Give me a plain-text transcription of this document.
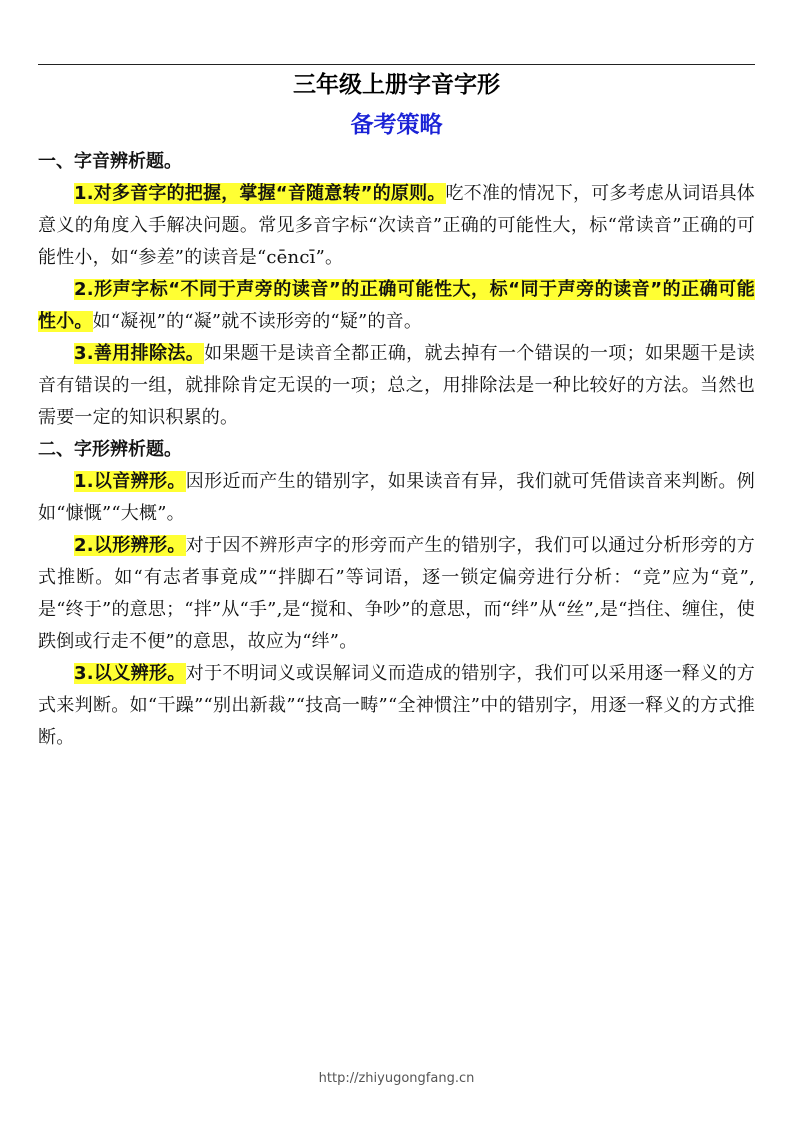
三年级上册字音字形
备考策略
一、字音辨析题。

1.对多音字的把握，掌握“音随意转”的原则。吃不准的情况下，可多考虑从词语具体意义的角度入手解决问题。常见多音字标“次读音”正确的可能性大，标“常读音”正确的可能性小，如“参差”的读音是“cēncī”。

2.形声字标“不同于声旁的读音”的正确可能性大，标“同于声旁的读音”的正确可能性小。如“凝视”的“凝”就不读形旁的“疑”的音。

3.善用排除法。如果题干是读音全都正确，就去掉有一个错误的一项；如果题干是读音有错误的一组，就排除肯定无误的一项；总之，用排除法是一种比较好的方法。当然也需要一定的知识积累的。

二、字形辨析题。

1.以音辨形。因形近而产生的错别字，如果读音有异，我们就可凭借读音来判断。例如“慷慨”“大概”。

2.以形辨形。对于因不辨形声字的形旁而产生的错别字，我们可以通过分析形旁的方式推断。如“有志者事竟成”“拌脚石”等词语，逐一锁定偏旁进行分析：“竞”应为“竟”,是“终于”的意思；“拌”从“手”,是“搅和、争吵”的意思，而“绊”从“丝”,是“挡住、缠住，使跌倒或行走不便”的意思，故应为“绊”。

3.以义辨形。对于不明词义或误解词义而造成的错别字，我们可以采用逐一释义的方式来判断。如“干躁”“别出新裁”“技高一畴”“全神惯注”中的错别字，用逐一释义的方式推断。

http://zhiyugongfang.cn
